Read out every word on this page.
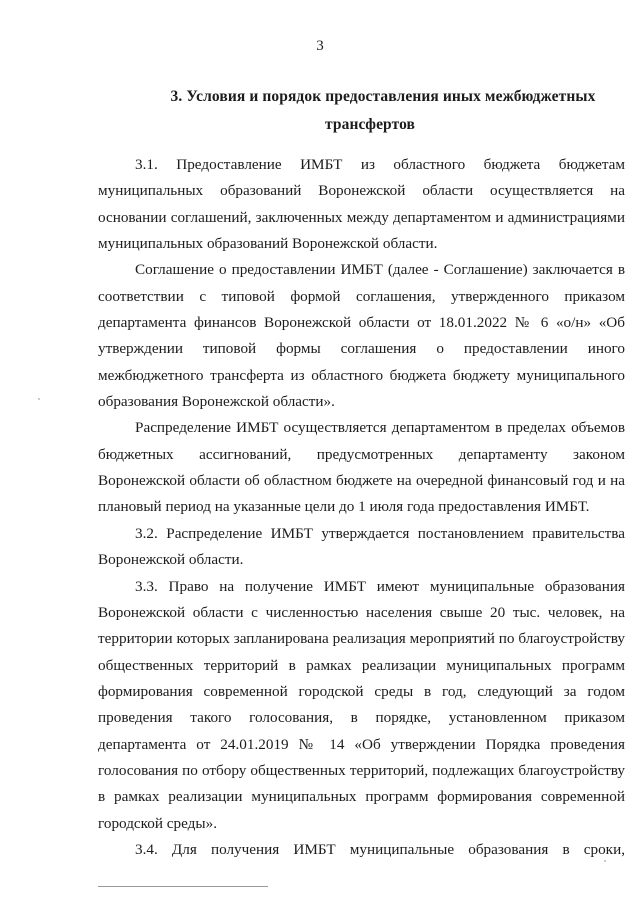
3
3. Условия и порядок предоставления иных межбюджетных
трансфертов
3.1. Предоставление ИМБТ из областного бюджета бюджетам
муниципальных образований Воронежской области осуществляется на
основании соглашений, заключенных между департаментом и администрациями
муниципальных образований Воронежской области.
Соглашение о предоставлении ИМБТ (далее - Соглашение) заключается в
соответствии с типовой формой соглашения, утвержденного приказом
департамента финансов Воронежской области от 18.01.2022 № 6 «о/н» «Об
утверждении типовой формы соглашения о предоставлении иного
межбюджетного трансферта из областного бюджета бюджету муниципального
образования Воронежской области».
Распределение ИМБТ осуществляется департаментом в пределах объемов
бюджетных ассигнований, предусмотренных департаменту законом
Воронежской области об областном бюджете на очередной финансовый год и на
плановый период на указанные цели до 1 июля года предоставления ИМБТ.
3.2. Распределение ИМБТ утверждается постановлением правительства
Воронежской области.
3.3. Право на получение ИМБТ имеют муниципальные образования
Воронежской области с численностью населения свыше 20 тыс. человек, на
территории которых запланирована реализация мероприятий по благоустройству
общественных территорий в рамках реализации муниципальных программ
формирования современной городской среды в год, следующий за годом
проведения такого голосования, в порядке, установленном приказом
департамента от 24.01.2019 № 14 «Об утверждении Порядка проведения
голосования по отбору общественных территорий, подлежащих благоустройству
в рамках реализации муниципальных программ формирования современной
городской среды».
3.4. Для получения ИМБТ муниципальные образования в сроки,
